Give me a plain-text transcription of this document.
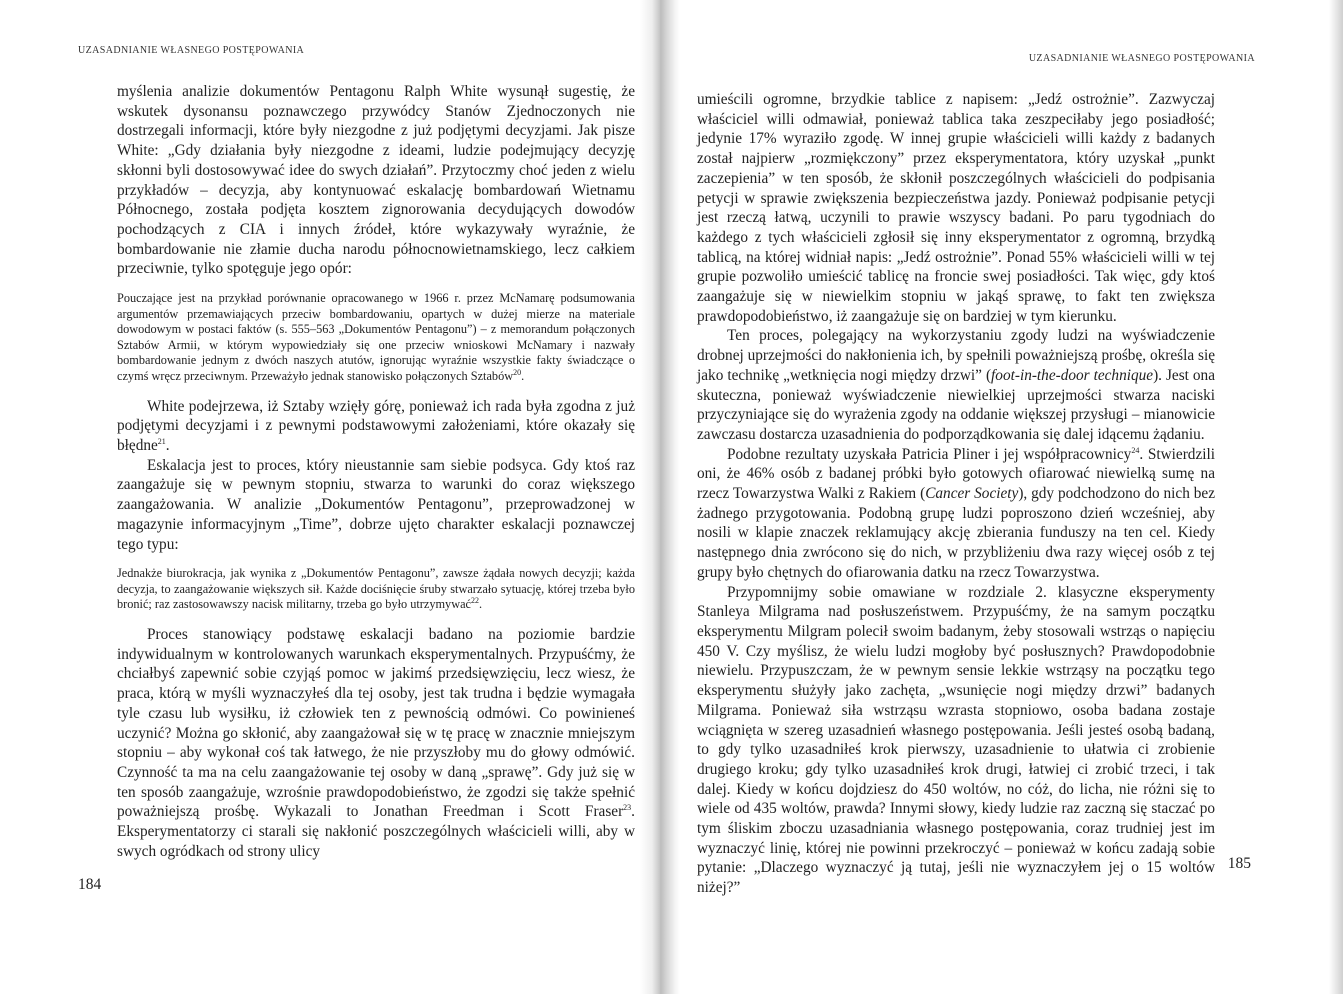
UZASADNIANIE WŁASNEGO POSTĘPOWANIA

myślenia analizie dokumentów Pentagonu Ralph White wysunął sugestię, że wskutek dysonansu poznawczego przywódcy Stanów Zjednoczonych nie dostrzegali informacji, które były niezgodne z już podjętymi decyzjami. Jak pisze White: „Gdy działania były niezgodne z ideami, ludzie podejmujący decyzję skłonni byli dostosowywać idee do swych działań”. Przytoczmy choć jeden z wielu przykładów – decyzja, aby kontynuować eskalację bombardowań Wietnamu Północnego, została podjęta kosztem zignorowania decydujących dowodów pochodzących z CIA i innych źródeł, które wykazywały wyraźnie, że bombardowanie nie złamie ducha narodu północnowietnamskiego, lecz całkiem przeciwnie, tylko spotęguje jego opór:

Pouczające jest na przykład porównanie opracowanego w 1966 r. przez McNamarę podsumowania argumentów przemawiających przeciw bombardowaniu, opartych w dużej mierze na materiale dowodowym w postaci faktów (s. 555–563 „Dokumentów Pentagonu”) – z memorandum połączonych Sztabów Armii, w którym wypowiedziały się one przeciw wnioskowi McNamary i nazwały bombardowanie jednym z dwóch naszych atutów, ignorując wyraźnie wszystkie fakty świadczące o czymś wręcz przeciwnym. Przeważyło jednak stanowisko połączonych Sztabów$^{20}$.

White podejrzewa, iż Sztaby wzięły górę, ponieważ ich rada była zgodna z już podjętymi decyzjami i z pewnymi podstawowymi założeniami, które okazały się błędne$^{21}$.

Eskalacja jest to proces, który nieustannie sam siebie podsyca. Gdy ktoś raz zaangażuje się w pewnym stopniu, stwarza to warunki do coraz większego zaangażowania. W analizie „Dokumentów Pentagonu”, przeprowadzonej w magazynie informacyjnym „Time”, dobrze ujęto charakter eskalacji poznawczej tego typu:

Jednakże biurokracja, jak wynika z „Dokumentów Pentagonu”, zawsze żądała nowych decyzji; każda decyzja, to zaangażowanie większych sił. Każde dociśnięcie śruby stwarzało sytuację, której trzeba było bronić; raz zastosowawszy nacisk militarny, trzeba go było utrzymywać$^{22}$.

Proces stanowiący podstawę eskalacji badano na poziomie bardzie indywidualnym w kontrolowanych warunkach eksperymentalnych. Przypuśćmy, że chciałbyś zapewnić sobie czyjąś pomoc w jakimś przedsięwzięciu, lecz wiesz, że praca, którą w myśli wyznaczyłeś dla tej osoby, jest tak trudna i będzie wymagała tyle czasu lub wysiłku, iż człowiek ten z pewnością odmówi. Co powinieneś uczynić? Można go skłonić, aby zaangażował się w tę pracę w znacznie mniejszym stopniu – aby wykonał coś tak łatwego, że nie przyszłoby mu do głowy odmówić. Czynność ta ma na celu zaangażowanie tej osoby w daną „sprawę”. Gdy już się w ten sposób zaangażuje, wzrośnie prawdopodobieństwo, że zgodzi się także spełnić poważniejszą prośbę. Wykazali to Jonathan Freedman i Scott Fraser$^{23}$. Eksperymentatorzy ci starali się nakłonić poszczególnych właścicieli willi, aby w swych ogródkach od strony ulicy

184
UZASADNIANIE WŁASNEGO POSTĘPOWANIA

umieścili ogromne, brzydkie tablice z napisem: „Jedź ostrożnie”. Zazwyczaj właściciel willi odmawiał, ponieważ tablica taka zeszpeciłaby jego posiadłość; jedynie 17% wyraziło zgodę. W innej grupie właścicieli willi każdy z badanych został najpierw „rozmiękczony” przez eksperymentatora, który uzyskał „punkt zaczepienia” w ten sposób, że skłonił poszczególnych właścicieli do podpisania petycji w sprawie zwiększenia bezpieczeństwa jazdy. Ponieważ podpisanie petycji jest rzeczą łatwą, uczynili to prawie wszyscy badani. Po paru tygodniach do każdego z tych właścicieli zgłosił się inny eksperymentator z ogromną, brzydką tablicą, na której widniał napis: „Jedź ostrożnie”. Ponad 55% właścicieli willi w tej grupie pozwoliło umieścić tablicę na froncie swej posiadłości. Tak więc, gdy ktoś zaangażuje się w niewielkim stopniu w jakąś sprawę, to fakt ten zwiększa prawdopodobieństwo, iż zaangażuje się on bardziej w tym kierunku.

Ten proces, polegający na wykorzystaniu zgody ludzi na wyświadczenie drobnej uprzejmości do nakłonienia ich, by spełnili poważniejszą prośbę, określa się jako technikę „wetknięcia nogi między drzwi” (foot-in-the-door technique). Jest ona skuteczna, ponieważ wyświadczenie niewielkiej uprzejmości stwarza naciski przyczyniające się do wyrażenia zgody na oddanie większej przysługi – mianowicie zawczasu dostarcza uzasadnienia do podporządkowania się dalej idącemu żądaniu.

Podobne rezultaty uzyskała Patricia Pliner i jej współpracownicy$^{24}$. Stwierdzili oni, że 46% osób z badanej próbki było gotowych ofiarować niewielką sumę na rzecz Towarzystwa Walki z Rakiem (Cancer Society), gdy podchodzono do nich bez żadnego przygotowania. Podobną grupę ludzi poproszono dzień wcześniej, aby nosili w klapie znaczek reklamujący akcję zbierania funduszy na ten cel. Kiedy następnego dnia zwrócono się do nich, w przybliżeniu dwa razy więcej osób z tej grupy było chętnych do ofiarowania datku na rzecz Towarzystwa.

Przypomnijmy sobie omawiane w rozdziale 2. klasyczne eksperymenty Stanleya Milgrama nad posłuszeństwem. Przypuśćmy, że na samym początku eksperymentu Milgram polecił swoim badanym, żeby stosowali wstrząs o napięciu 450 V. Czy myślisz, że wielu ludzi mogłoby być posłusznych? Prawdopodobnie niewielu. Przypuszczam, że w pewnym sensie lekkie wstrząsy na początku tego eksperymentu służyły jako zachęta, „wsunięcie nogi między drzwi” badanych Milgrama. Ponieważ siła wstrząsu wzrasta stopniowo, osoba badana zostaje wciągnięta w szereg uzasadnień własnego postępowania. Jeśli jesteś osobą badaną, to gdy tylko uzasadniłeś krok pierwszy, uzasadnienie to ułatwia ci zrobienie drugiego kroku; gdy tylko uzasadniłeś krok drugi, łatwiej ci zrobić trzeci, i tak dalej. Kiedy w końcu dojdziesz do 450 woltów, no cóż, do licha, nie różni się to wiele od 435 woltów, prawda? Innymi słowy, kiedy ludzie raz zaczną się staczać po tym śliskim zboczu uzasadniania własnego postępowania, coraz trudniej jest im wyznaczyć linię, której nie powinni przekroczyć – ponieważ w końcu zadają sobie pytanie: „Dlaczego wyznaczyć ją tutaj, jeśli nie wyznaczyłem jej o 15 woltów niżej?”

185
